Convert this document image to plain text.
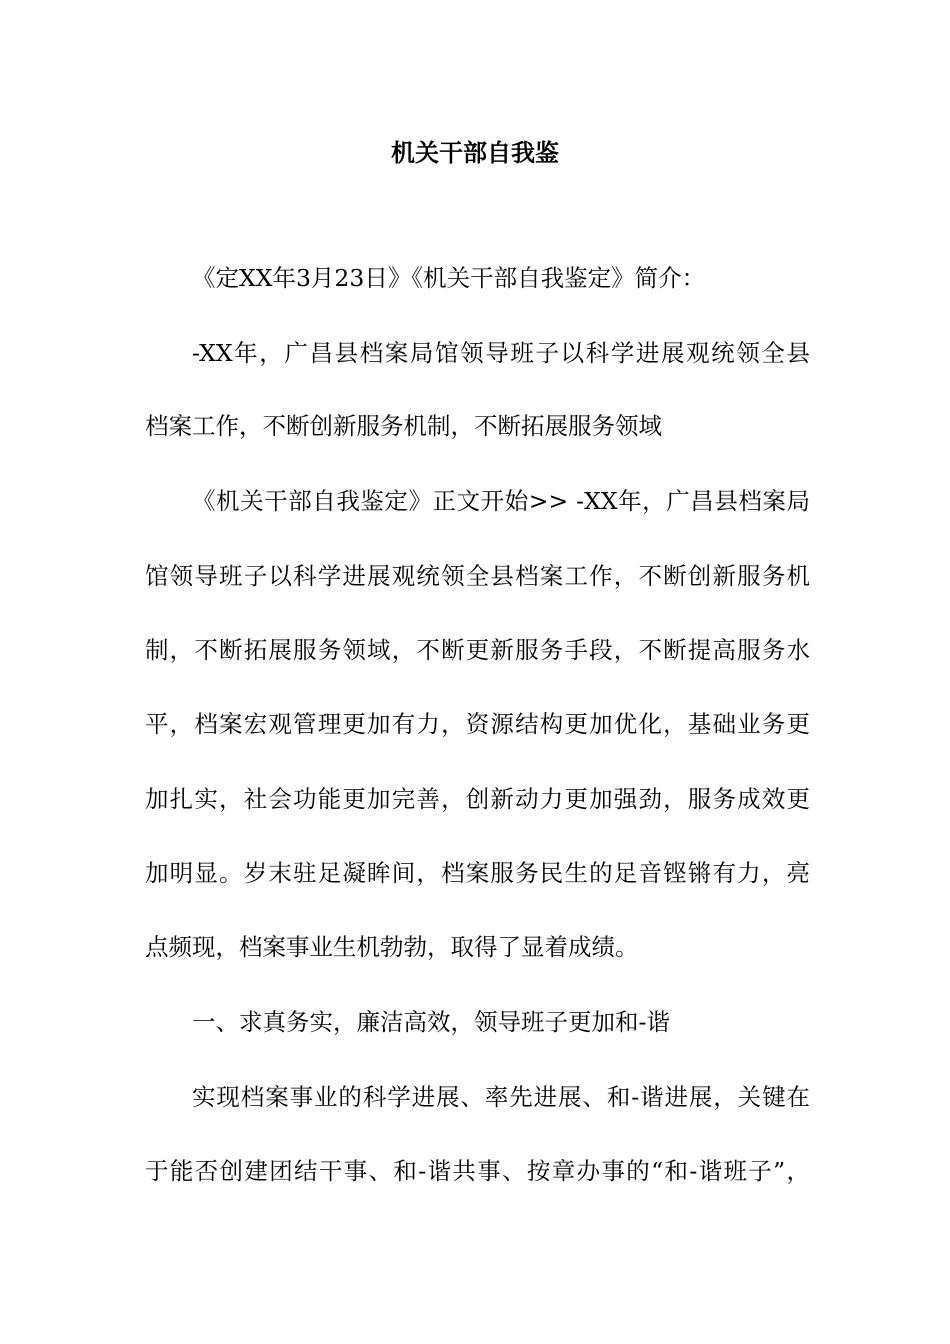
机关干部自我鉴
《定XX年3月23日》《机关干部自我鉴定》简介：
-XX年，广昌县档案局馆领导班子以科学进展观统领全县
档案工作，不断创新服务机制，不断拓展服务领域
《机关干部自我鉴定》正文开始>> -XX年，广昌县档案局
馆领导班子以科学进展观统领全县档案工作，不断创新服务机
制，不断拓展服务领域，不断更新服务手段，不断提高服务水
平，档案宏观管理更加有力，资源结构更加优化，基础业务更
加扎实，社会功能更加完善，创新动力更加强劲，服务成效更
加明显。岁末驻足凝眸间，档案服务民生的足音铿锵有力，亮
点频现，档案事业生机勃勃，取得了显着成绩。
一、求真务实，廉洁高效，领导班子更加和-谐
实现档案事业的科学进展、率先进展、和-谐进展，关键在
于能否创建团结干事、和-谐共事、按章办事的“和-谐班子”，
